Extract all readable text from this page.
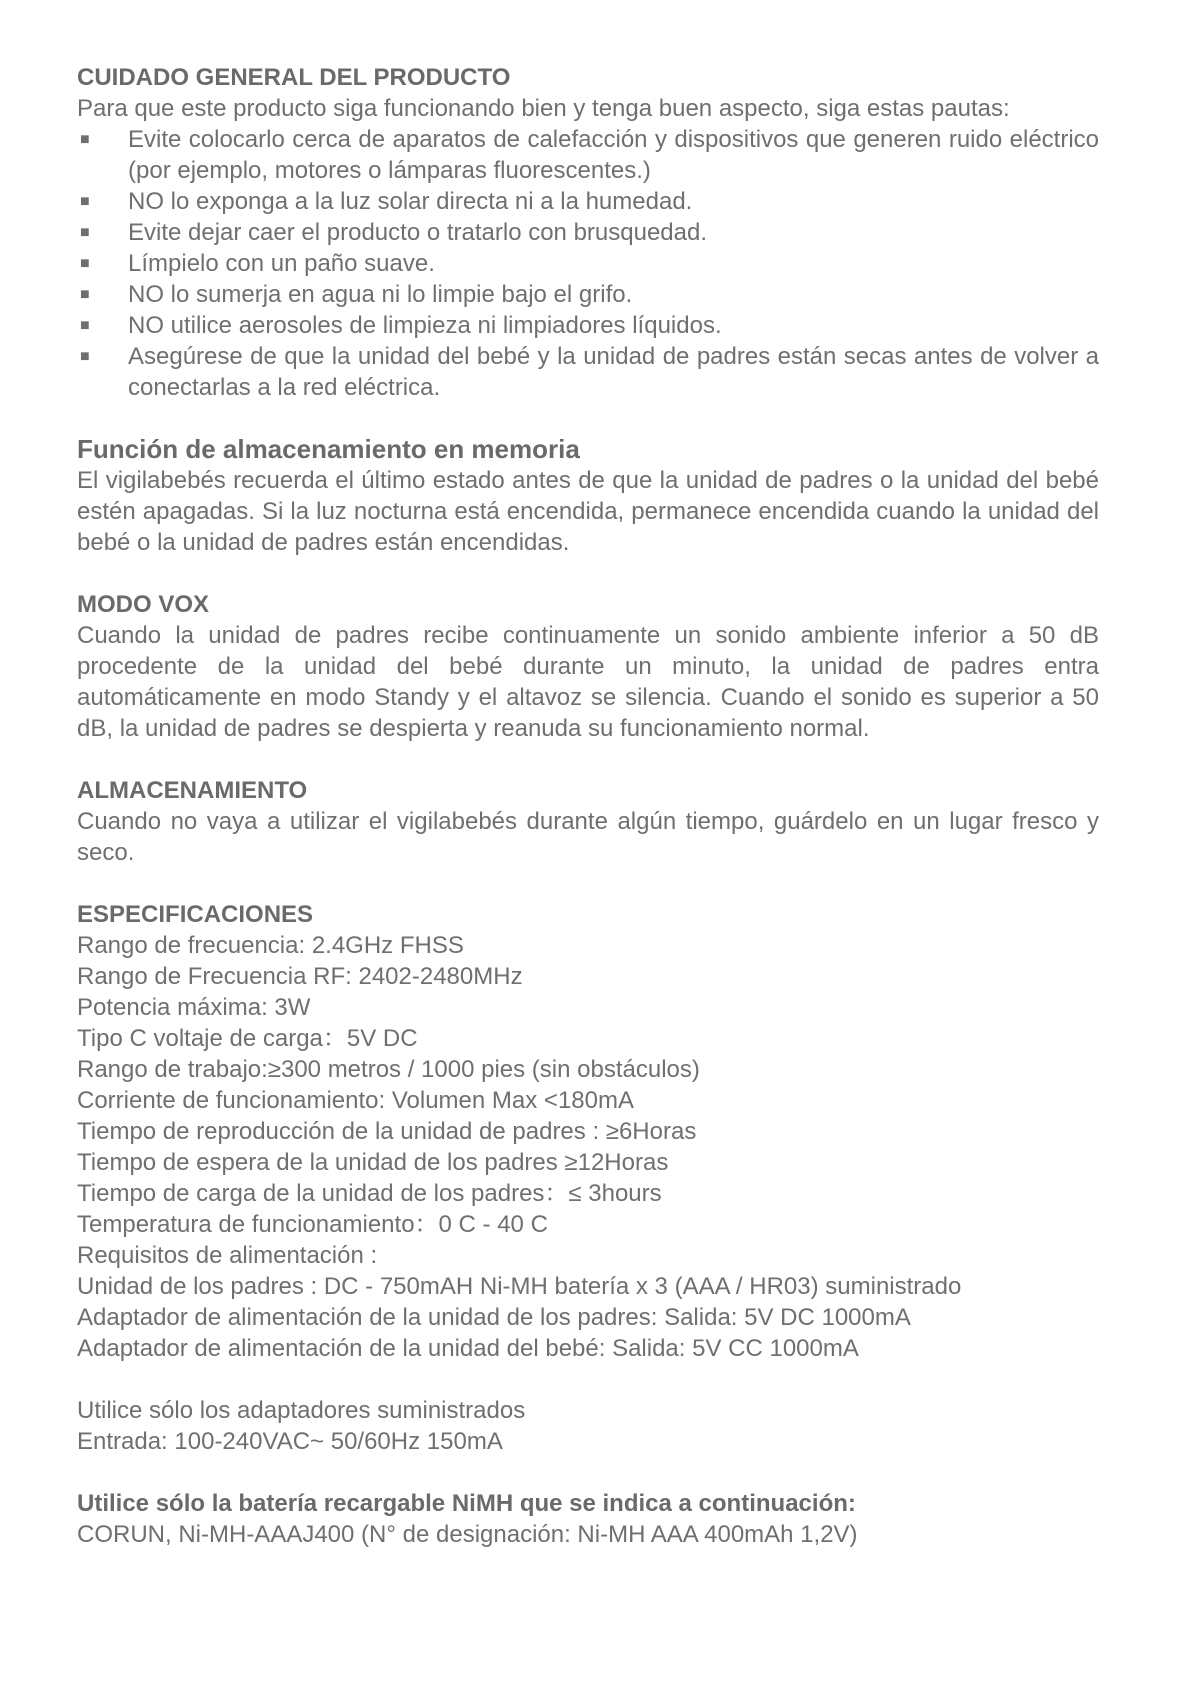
CUIDADO GENERAL DEL PRODUCTO

Para que este producto siga funcionando bien y tenga buen aspecto, siga estas pautas:

■ Evite colocarlo cerca de aparatos de calefacción y dispositivos que generen ruido eléctrico (por ejemplo, motores o lámparas fluorescentes.)
■ NO lo exponga a la luz solar directa ni a la humedad.
■ Evite dejar caer el producto o tratarlo con brusquedad.
■ Límpielo con un paño suave.
■ NO lo sumerja en agua ni lo limpie bajo el grifo.
■ NO utilice aerosoles de limpieza ni limpiadores líquidos.
■ Asegúrese de que la unidad del bebé y la unidad de padres están secas antes de volver a conectarlas a la red eléctrica.
Función de almacenamiento en memoria

El vigilabebés recuerda el último estado antes de que la unidad de padres o la unidad del bebé estén apagadas. Si la luz nocturna está encendida, permanece encendida cuando la unidad del bebé o la unidad de padres están encendidas.

MODO VOX

Cuando la unidad de padres recibe continuamente un sonido ambiente inferior a 50 dB procedente de la unidad del bebé durante un minuto, la unidad de padres entra automáticamente en modo Standy y el altavoz se silencia. Cuando el sonido es superior a 50 dB, la unidad de padres se despierta y reanuda su funcionamiento normal.

ALMACENAMIENTO

Cuando no vaya a utilizar el vigilabebés durante algún tiempo, guárdelo en un lugar fresco y seco.

ESPECIFICACIONES

Rango de frecuencia: 2.4GHz FHSS

Rango de Frecuencia RF: 2402-2480MHz

Potencia máxima: 3W

Tipo C voltaje de carga：5V DC

Rango de trabajo:≥300 metros / 1000 pies (sin obstáculos)

Corriente de funcionamiento: Volumen Max <180mA

Tiempo de reproducción de la unidad de padres : ≥6Horas

Tiempo de espera de la unidad de los padres ≥12Horas

Tiempo de carga de la unidad de los padres：≤ 3hours

Temperatura de funcionamiento：0 C - 40 C

Requisitos de alimentación :

Unidad de los padres : DC - 750mAH Ni-MH batería x 3 (AAA / HR03) suministrado

Adaptador de alimentación de la unidad de los padres: Salida: 5V DC 1000mA

Adaptador de alimentación de la unidad del bebé: Salida: 5V CC 1000mA

Utilice sólo los adaptadores suministrados

Entrada: 100-240VAC~ 50/60Hz 150mA

Utilice sólo la batería recargable NiMH que se indica a continuación:

CORUN, Ni-MH-AAAJ400 (N° de designación: Ni-MH AAA 400mAh 1,2V)
